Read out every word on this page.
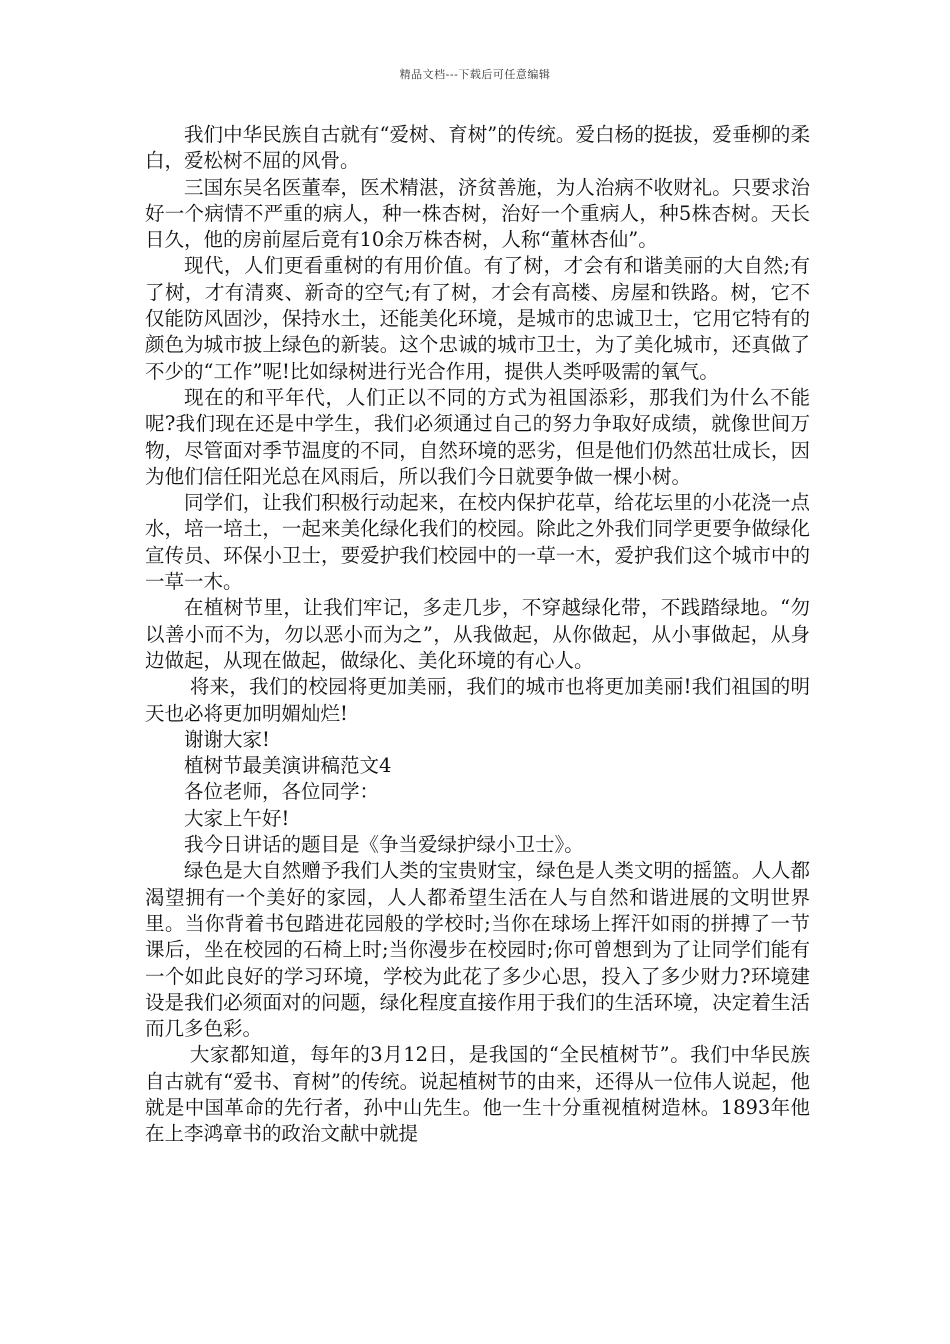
精品文档---下载后可任意编辑

我们中华民族自古就有“爱树、育树”的传统。爱白杨的挺拔，爱垂柳的柔白，爱松树不屈的风骨。

三国东吴名医董奉，医术精湛，济贫善施，为人治病不收财礼。只要求治好一个病情不严重的病人，种一株杏树，治好一个重病人，种5株杏树。天长日久，他的房前屋后竟有10余万株杏树，人称“董林杏仙”。

现代，人们更看重树的有用价值。有了树，才会有和谐美丽的大自然;有了树，才有清爽、新奇的空气;有了树，才会有高楼、房屋和铁路。树，它不仅能防风固沙，保持水土，还能美化环境，是城市的忠诚卫士，它用它特有的颜色为城市披上绿色的新装。这个忠诚的城市卫士，为了美化城市，还真做了不少的“工作”呢!比如绿树进行光合作用，提供人类呼吸需的氧气。

现在的和平年代，人们正以不同的方式为祖国添彩，那我们为什么不能呢?我们现在还是中学生，我们必须通过自己的努力争取好成绩，就像世间万物，尽管面对季节温度的不同，自然环境的恶劣，但是他们仍然茁壮成长，因为他们信任阳光总在风雨后，所以我们今日就要争做一棵小树。

同学们，让我们积极行动起来，在校内保护花草，给花坛里的小花浇一点水，培一培土，一起来美化绿化我们的校园。除此之外我们同学更要争做绿化宣传员、环保小卫士，要爱护我们校园中的一草一木，爱护我们这个城市中的一草一木。

在植树节里，让我们牢记，多走几步，不穿越绿化带，不践踏绿地。“勿以善小而不为，勿以恶小而为之”，从我做起，从你做起，从小事做起，从身边做起，从现在做起，做绿化、美化环境的有心人。

将来，我们的校园将更加美丽，我们的城市也将更加美丽!我们祖国的明天也必将更加明媚灿烂!

谢谢大家!

植树节最美演讲稿范文4

各位老师，各位同学：

大家上午好!

我今日讲话的题目是《争当爱绿护绿小卫士》。

绿色是大自然赠予我们人类的宝贵财宝，绿色是人类文明的摇篮。人人都渴望拥有一个美好的家园，人人都希望生活在人与自然和谐进展的文明世界里。当你背着书包踏进花园般的学校时;当你在球场上挥汗如雨的拼搏了一节课后，坐在校园的石椅上时;当你漫步在校园时;你可曾想到为了让同学们能有一个如此良好的学习环境，学校为此花了多少心思，投入了多少财力?环境建设是我们必须面对的问题，绿化程度直接作用于我们的生活环境，决定着生活而几多色彩。

大家都知道，每年的3月12日，是我国的“全民植树节”。我们中华民族自古就有“爱书、育树”的传统。说起植树节的由来，还得从一位伟人说起，他就是中国革命的先行者，孙中山先生。他一生十分重视植树造林。1893年他在上李鸿章书的政治文献中就提
